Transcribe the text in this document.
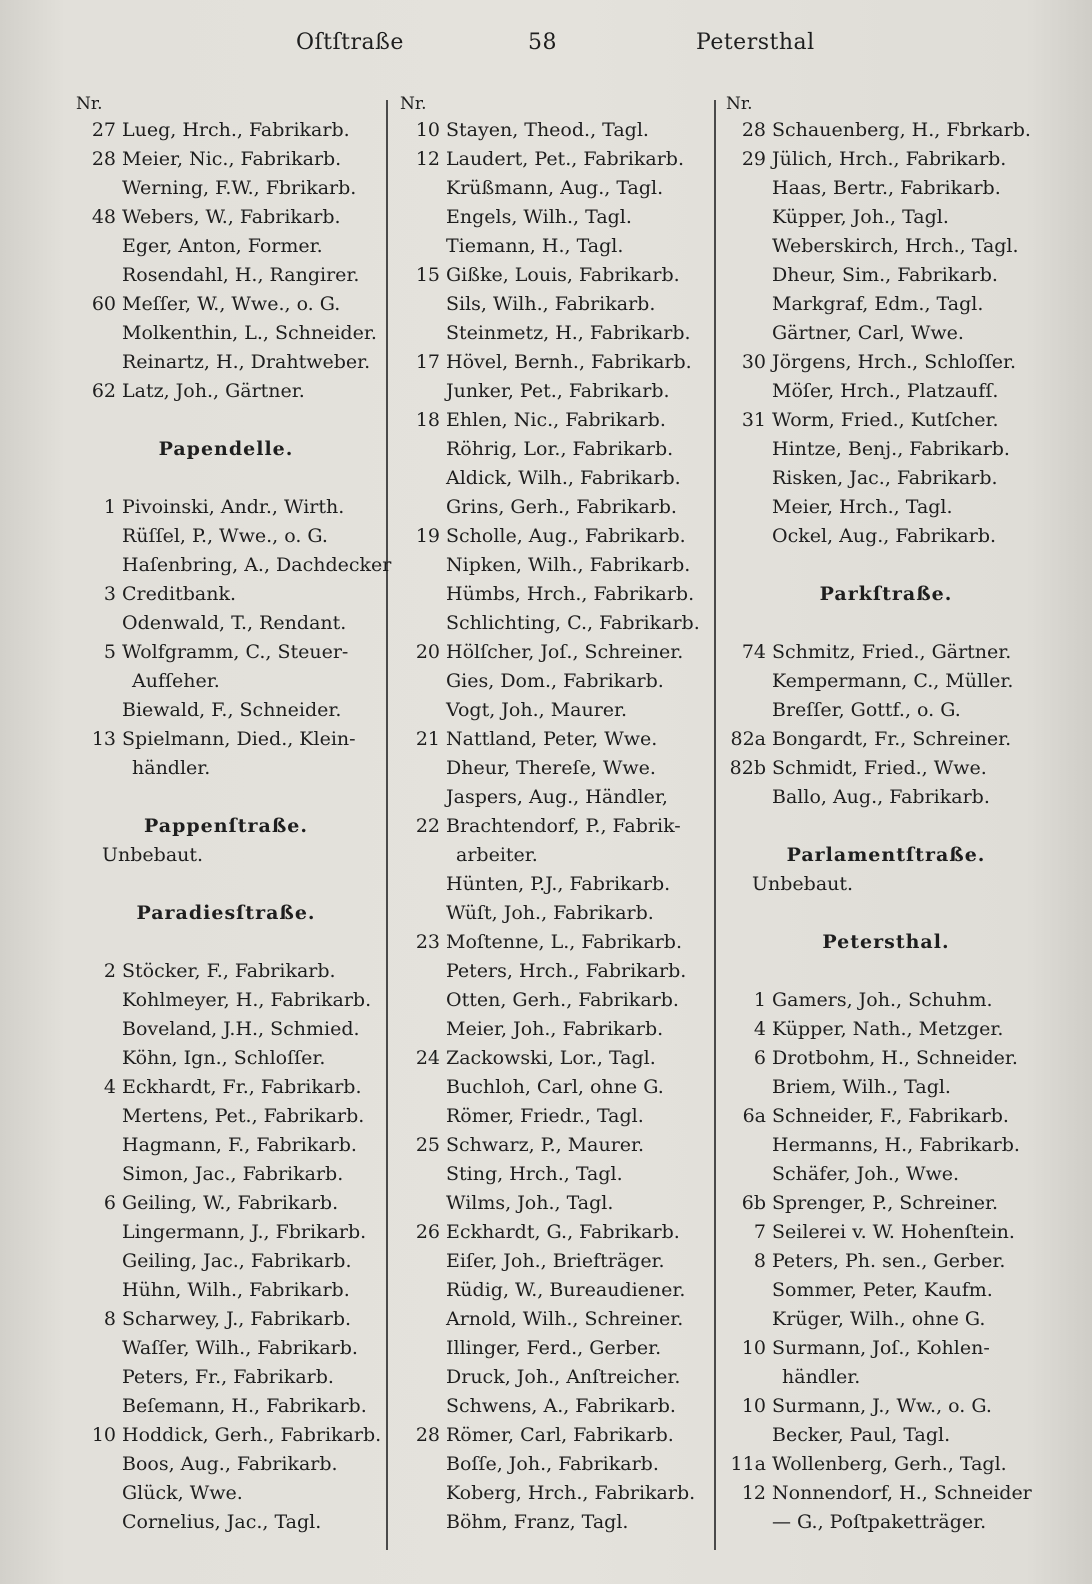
Oſtſtraße	58	Petersthal
Nr.
27 Lueg, Hrch., Fabrikarb.
28 Meier, Nic., Fabrikarb.
Werning, F.W., Fbrikarb.
48 Webers, W., Fabrikarb.
Eger, Anton, Former.
Rosendahl, H., Rangirer.
60 Meſſer, W., Wwe., o. G.
Molkenthin, L., Schneider.
Reinartz, H., Drahtweber.
62 Latz, Joh., Gärtner.
Papendelle.
1 Pivoinski, Andr., Wirth.
Rüſſel, P., Wwe., o. G.
Haſenbring, A., Dachdecker
3 Creditbank.
Odenwald, T., Rendant.
5 Wolfgramm, C., Steuer-
Aufſeher.
Biewald, F., Schneider.
13 Spielmann, Died., Klein-
händler.
Pappenſtraße.
Unbebaut.
Paradiesſtraße.
2 Stöcker, F., Fabrikarb.
Kohlmeyer, H., Fabrikarb.
Boveland, J.H., Schmied.
Köhn, Ign., Schloſſer.
4 Eckhardt, Fr., Fabrikarb.
Mertens, Pet., Fabrikarb.
Hagmann, F., Fabrikarb.
Simon, Jac., Fabrikarb.
6 Geiling, W., Fabrikarb.
Lingermann, J., Fbrikarb.
Geiling, Jac., Fabrikarb.
Hühn, Wilh., Fabrikarb.
8 Scharwey, J., Fabrikarb.
Waſſer, Wilh., Fabrikarb.
Peters, Fr., Fabrikarb.
Beſemann, H., Fabrikarb.
10 Hoddick, Gerh., Fabrikarb.
Boos, Aug., Fabrikarb.
Glück, Wwe.
Cornelius, Jac., Tagl.
Nr.
10 Stayen, Theod., Tagl.
12 Laudert, Pet., Fabrikarb.
Krüßmann, Aug., Tagl.
Engels, Wilh., Tagl.
Tiemann, H., Tagl.
15 Gißke, Louis, Fabrikarb.
Sils, Wilh., Fabrikarb.
Steinmetz, H., Fabrikarb.
17 Hövel, Bernh., Fabrikarb.
Junker, Pet., Fabrikarb.
18 Ehlen, Nic., Fabrikarb.
Röhrig, Lor., Fabrikarb.
Aldick, Wilh., Fabrikarb.
Grins, Gerh., Fabrikarb.
19 Scholle, Aug., Fabrikarb.
Nipken, Wilh., Fabrikarb.
Hümbs, Hrch., Fabrikarb.
Schlichting, C., Fabrikarb.
20 Hölſcher, Joſ., Schreiner.
Gies, Dom., Fabrikarb.
Vogt, Joh., Maurer.
21 Nattland, Peter, Wwe.
Dheur, Thereſe, Wwe.
Jaspers, Aug., Händler,
22 Brachtendorf, P., Fabrik-
arbeiter.
Hünten, P.J., Fabrikarb.
Wüſt, Joh., Fabrikarb.
23 Moſtenne, L., Fabrikarb.
Peters, Hrch., Fabrikarb.
Otten, Gerh., Fabrikarb.
Meier, Joh., Fabrikarb.
24 Zackowski, Lor., Tagl.
Buchloh, Carl, ohne G.
Römer, Friedr., Tagl.
25 Schwarz, P., Maurer.
Sting, Hrch., Tagl.
Wilms, Joh., Tagl.
26 Eckhardt, G., Fabrikarb.
Eiſer, Joh., Briefträger.
Rüdig, W., Bureaudiener.
Arnold, Wilh., Schreiner.
Illinger, Ferd., Gerber.
Druck, Joh., Anſtreicher.
Schwens, A., Fabrikarb.
28 Römer, Carl, Fabrikarb.
Boſſe, Joh., Fabrikarb.
Koberg, Hrch., Fabrikarb.
Böhm, Franz, Tagl.
Nr.
28 Schauenberg, H., Fbrkarb.
29 Jülich, Hrch., Fabrikarb.
Haas, Bertr., Fabrikarb.
Küpper, Joh., Tagl.
Weberskirch, Hrch., Tagl.
Dheur, Sim., Fabrikarb.
Markgraf, Edm., Tagl.
Gärtner, Carl, Wwe.
30 Jörgens, Hrch., Schloſſer.
Möſer, Hrch., Platzaufſ.
31 Worm, Fried., Kutſcher.
Hintze, Benj., Fabrikarb.
Risken, Jac., Fabrikarb.
Meier, Hrch., Tagl.
Ockel, Aug., Fabrikarb.
Parkſtraße.
74 Schmitz, Fried., Gärtner.
Kempermann, C., Müller.
Breſſer, Gottf., o. G.
82a Bongardt, Fr., Schreiner.
82b Schmidt, Fried., Wwe.
Ballo, Aug., Fabrikarb.
Parlamentſtraße.
Unbebaut.
Petersthal.
1 Gamers, Joh., Schuhm.
4 Küpper, Nath., Metzger.
6 Drotbohm, H., Schneider.
Briem, Wilh., Tagl.
6a Schneider, F., Fabrikarb.
Hermanns, H., Fabrikarb.
Schäfer, Joh., Wwe.
6b Sprenger, P., Schreiner.
7 Seilerei v. W. Hohenſtein.
8 Peters, Ph. sen., Gerber.
Sommer, Peter, Kaufm.
Krüger, Wilh., ohne G.
10 Surmann, Joſ., Kohlen-
händler.
10 Surmann, J., Ww., o. G.
Becker, Paul, Tagl.
11a Wollenberg, Gerh., Tagl.
12 Nonnendorf, H., Schneider
— G., Poſtpaketträger.
